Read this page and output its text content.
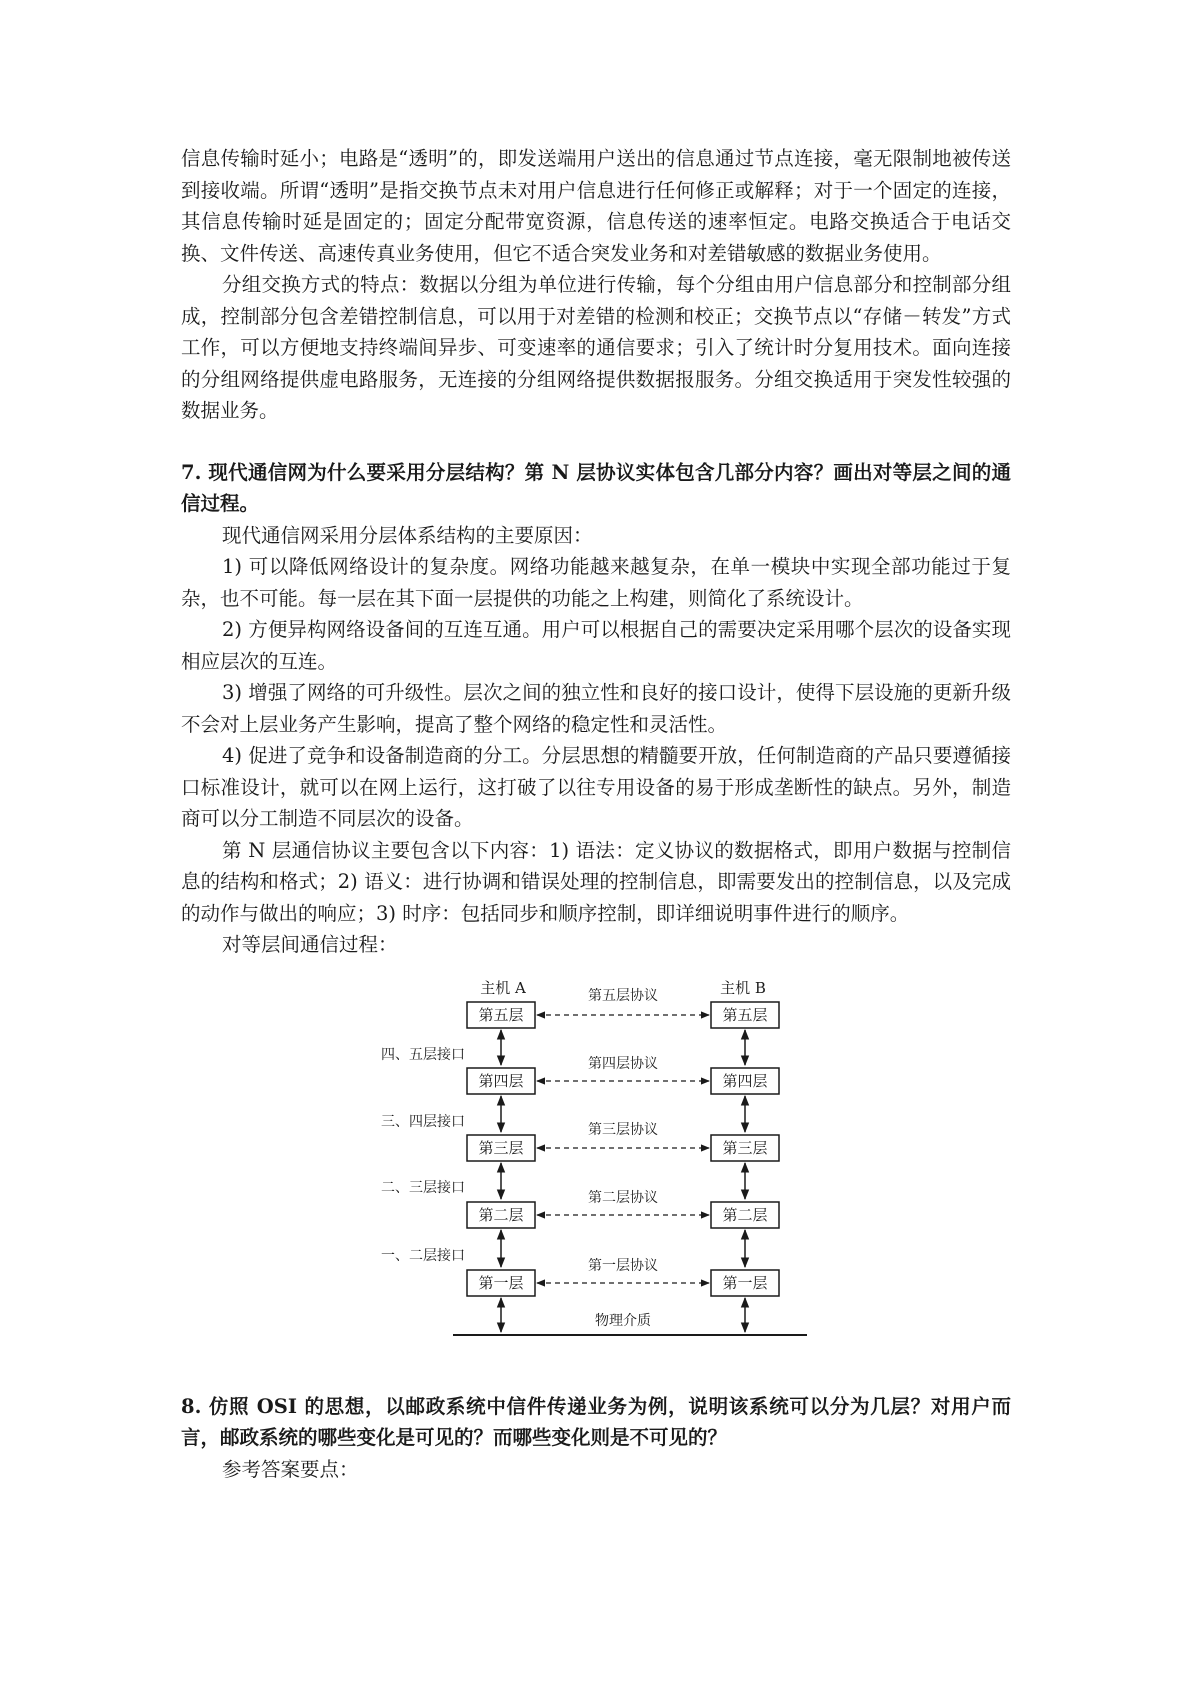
信息传输时延小；电路是“透明”的，即发送端用户送出的信息通过节点连接，毫无限制地被传送到接收端。所谓“透明”是指交换节点未对用户信息进行任何修正或解释；对于一个固定的连接，其信息传输时延是固定的；固定分配带宽资源，信息传送的速率恒定。电路交换适合于电话交换、文件传送、高速传真业务使用，但它不适合突发业务和对差错敏感的数据业务使用。

分组交换方式的特点：数据以分组为单位进行传输，每个分组由用户信息部分和控制部分组成，控制部分包含差错控制信息，可以用于对差错的检测和校正；交换节点以“存储－转发”方式工作，可以方便地支持终端间异步、可变速率的通信要求；引入了统计时分复用技术。面向连接的分组网络提供虚电路服务，无连接的分组网络提供数据报服务。分组交换适用于突发性较强的数据业务。

7. 现代通信网为什么要采用分层结构？第 N 层协议实体包含几部分内容？画出对等层之间的通信过程。

现代通信网采用分层体系结构的主要原因：

1) 可以降低网络设计的复杂度。网络功能越来越复杂，在单一模块中实现全部功能过于复杂，也不可能。每一层在其下面一层提供的功能之上构建，则简化了系统设计。

2) 方便异构网络设备间的互连互通。用户可以根据自己的需要决定采用哪个层次的设备实现相应层次的互连。

3) 增强了网络的可升级性。层次之间的独立性和良好的接口设计，使得下层设施的更新升级不会对上层业务产生影响，提高了整个网络的稳定性和灵活性。

4) 促进了竞争和设备制造商的分工。分层思想的精髓要开放，任何制造商的产品只要遵循接口标准设计，就可以在网上运行，这打破了以往专用设备的易于形成垄断性的缺点。另外，制造商可以分工制造不同层次的设备。

第 N 层通信协议主要包含以下内容：1) 语法：定义协议的数据格式，即用户数据与控制信息的结构和格式；2) 语义：进行协调和错误处理的控制信息，即需要发出的控制信息，以及完成的动作与做出的响应；3) 时序：包括同步和顺序控制，即详细说明事件进行的顺序。

对等层间通信过程：

主机 A	主机 B
第五层	第五层
第五层协议
四、五层接口
第四层	第四层
第四层协议
三、四层接口
第三层	第三层
第三层协议
二、三层接口
第二层	第二层
第二层协议
一、二层接口
第一层	第一层
第一层协议
物理介质

8. 仿照 OSI 的思想，以邮政系统中信件传递业务为例，说明该系统可以分为几层？对用户而言，邮政系统的哪些变化是可见的？而哪些变化则是不可见的？

参考答案要点：
